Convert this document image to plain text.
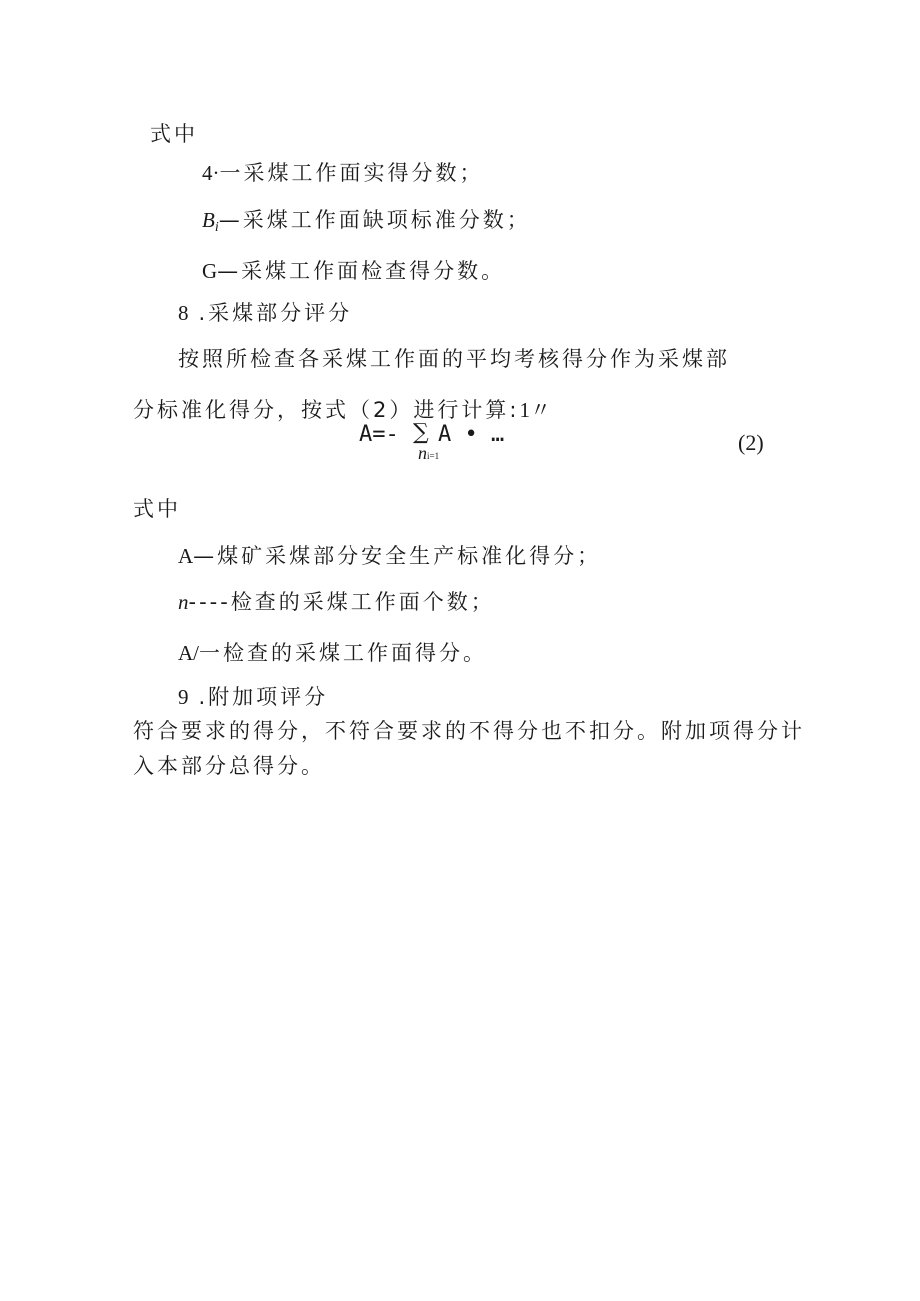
式中
4·一采煤工作面实得分数；
$B_i—$采煤工作面缺项标准分数；
G—采煤工作面检查得分数。
8 .采煤部分评分
按照所检查各采煤工作面的平均考核得分作为采煤部
分标准化得分，按式（2）进行计算:1〃
A=- ∑
ni=1
A • …	(2)
式中
A—煤矿采煤部分安全生产标准化得分；
n----检查的采煤工作面个数；
A/一检查的采煤工作面得分。
9 .附加项评分
符合要求的得分，不符合要求的不得分也不扣分。附加项得分计
入本部分总得分。
